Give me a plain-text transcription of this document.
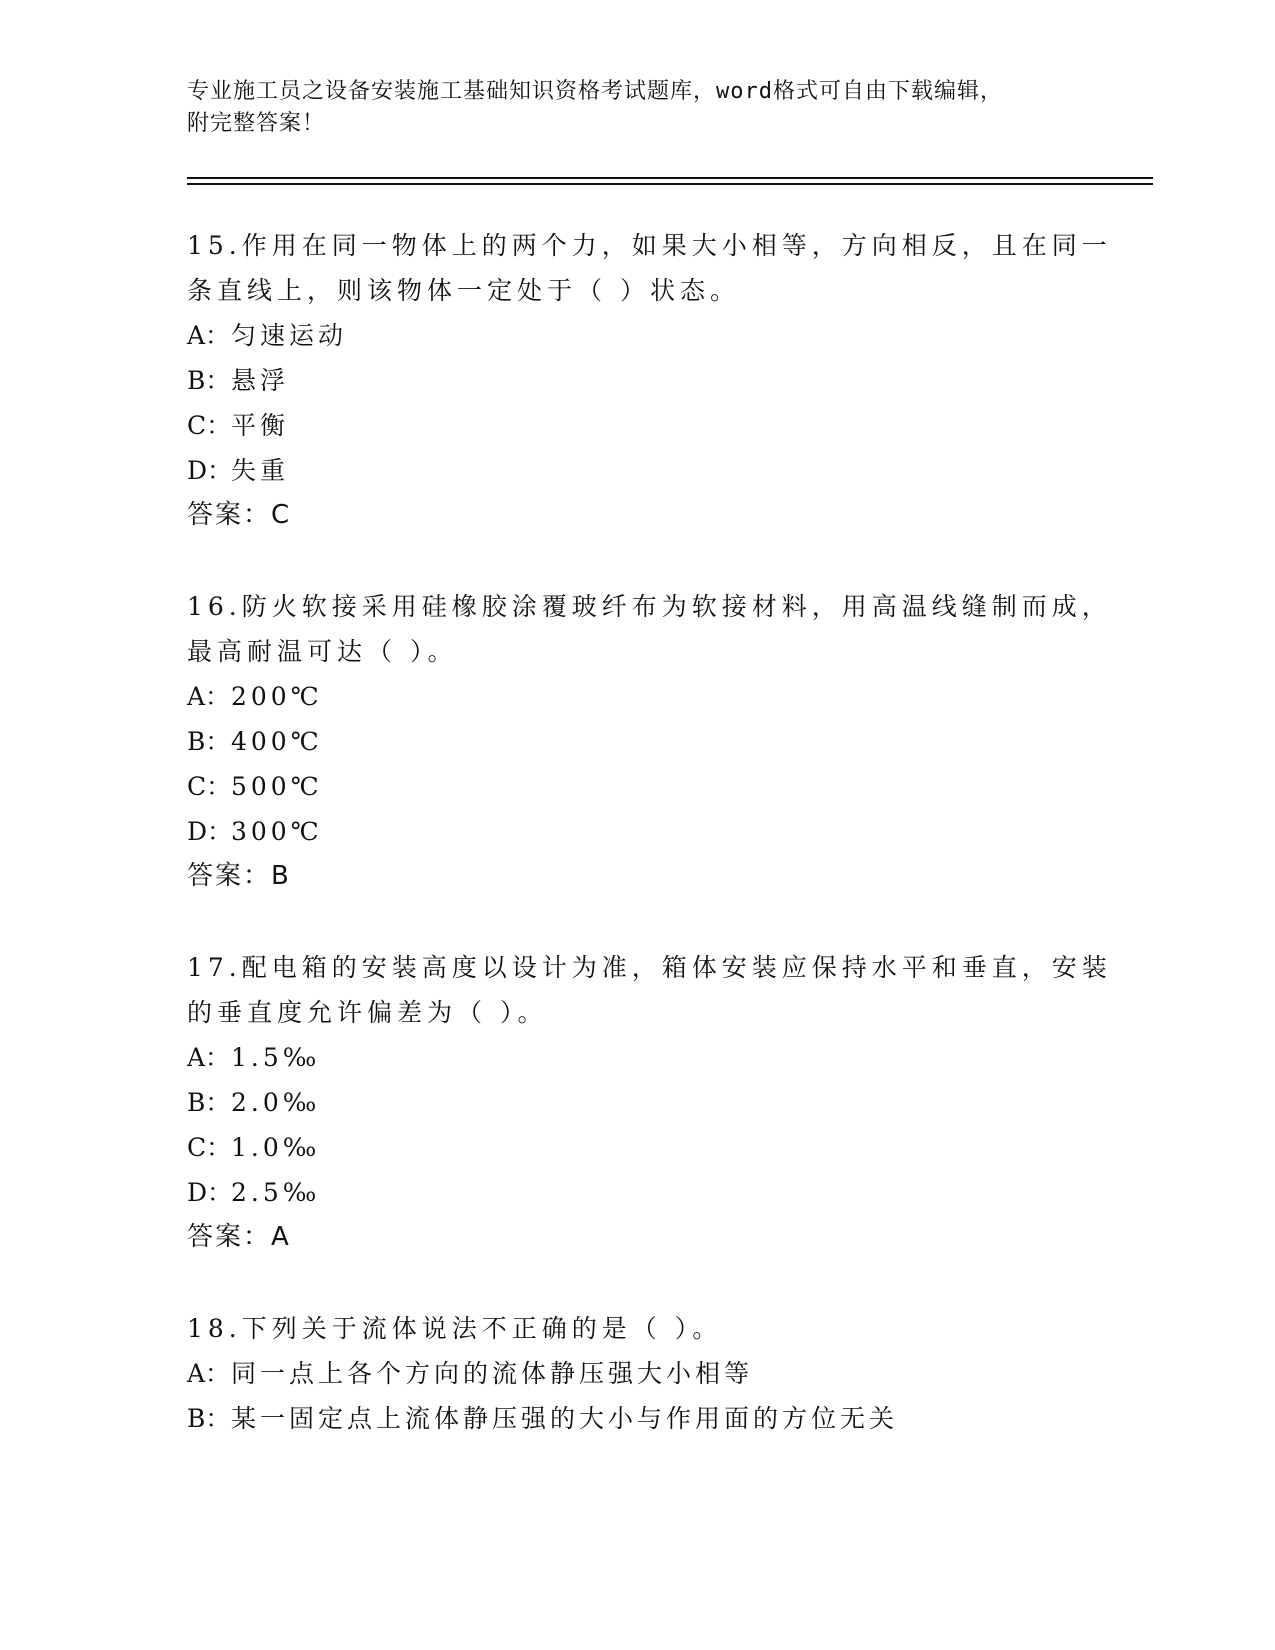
专业施工员之设备安装施工基础知识资格考试题库，word格式可自由下载编辑，
附完整答案！
15.作用在同一物体上的两个力，如果大小相等，方向相反，且在同一
条直线上，则该物体一定处于（ ）状态。
A：匀速运动
B：悬浮
C：平衡
D：失重
答案：C
16.防火软接采用硅橡胶涂覆玻纤布为软接材料，用高温线缝制而成，
最高耐温可达（ ）。
A：200℃
B：400℃
C：500℃
D：300℃
答案：B
17.配电箱的安装高度以设计为准，箱体安装应保持水平和垂直，安装
的垂直度允许偏差为（ ）。
A：1.5‰
B：2.0‰
C：1.0‰
D：2.5‰
答案：A
18.下列关于流体说法不正确的是（ ）。
A：同一点上各个方向的流体静压强大小相等
B：某一固定点上流体静压强的大小与作用面的方位无关
